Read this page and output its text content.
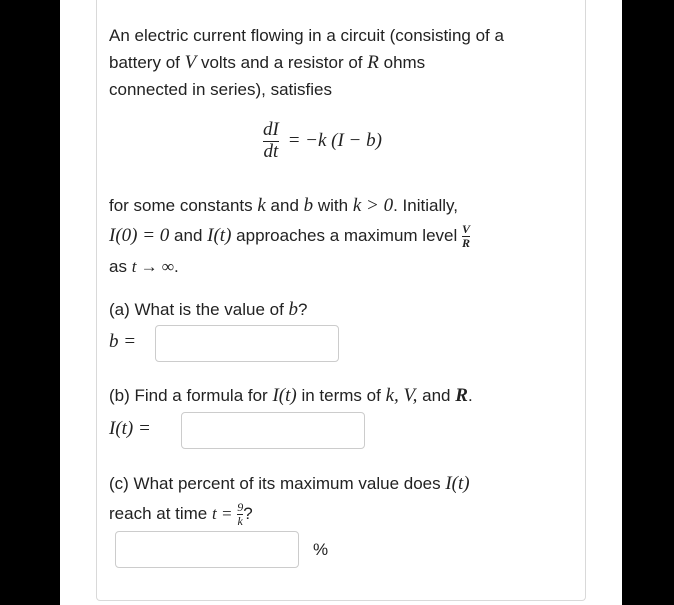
An electric current flowing in a circuit (consisting of a
battery of V volts and a resistor of R ohms
connected in series), satisfies
$\frac{dI}{dt} = -k$ (I − b)
for some constants k and b with k > 0. Initially,
I(0) = 0 and I(t) approaches a maximum level $\frac{V}{R}$
as t → ∞.
(a) What is the value of b?
b =
(b) Find a formula for I(t) in terms of k, V, and R.
I(t) =
(c) What percent of its maximum value does I(t)
reach at time $t = \frac{9}{k}$ ?
%
